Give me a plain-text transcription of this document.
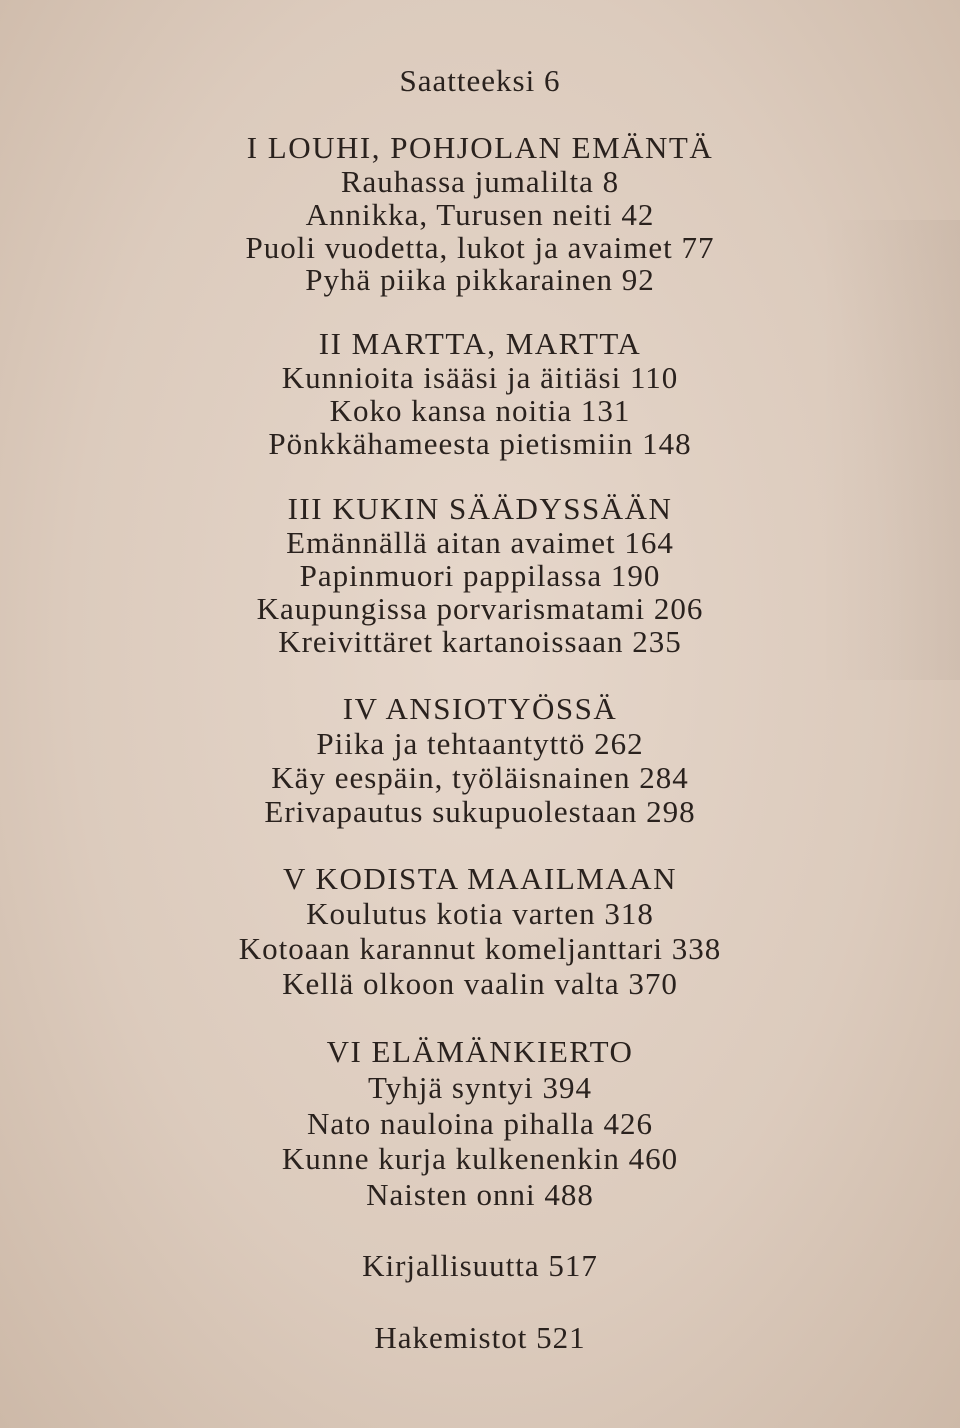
Saatteeksi 6
I LOUHI, POHJOLAN EMÄNTÄ
Rauhassa jumalilta 8
Annikka, Turusen neiti 42
Puoli vuodetta, lukot ja avaimet 77
Pyhä piika pikkarainen 92
II MARTTA, MARTTA
Kunnioita isääsi ja äitiäsi 110
Koko kansa noitia 131
Pönkkähameesta pietismiin 148
III KUKIN SÄÄDYSSÄÄN
Emännällä aitan avaimet 164
Papinmuori pappilassa 190
Kaupungissa porvarismatami 206
Kreivittäret kartanoissaan 235
IV ANSIOTYÖSSÄ
Piika ja tehtaantyttö 262
Käy eespäin, työläisnainen 284
Erivapautus sukupuolestaan 298
V KODISTA MAAILMAAN
Koulutus kotia varten 318
Kotoaan karannut komeljanttari 338
Kellä olkoon vaalin valta 370
VI ELÄMÄNKIERTO
Tyhjä syntyi 394
Nato nauloina pihalla 426
Kunne kurja kulkenenkin 460
Naisten onni 488
Kirjallisuutta 517
Hakemistot 521
